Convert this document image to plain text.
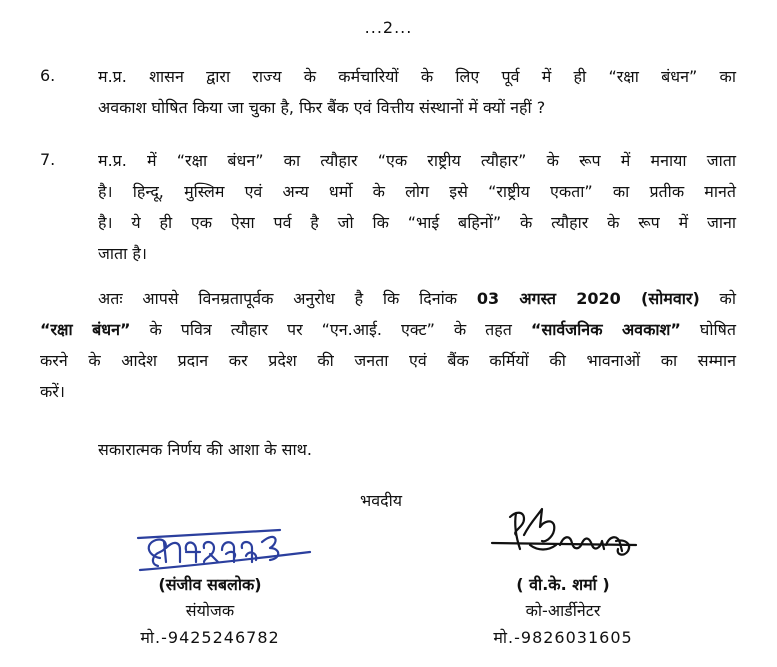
...2...
6.	म.प्र. शासन द्वारा राज्य के कर्मचारियों के लिए पूर्व में ही “रक्षा बंधन” का
अवकाश घोषित किया जा चुका है, फिर बैंक एवं वित्तीय संस्थानों में क्यों नहीं ?
7.	म.प्र. में “रक्षा बंधन” का त्यौहार “एक राष्ट्रीय त्यौहार” के रूप में मनाया जाता
है। हिन्दू, मुस्लिम एवं अन्य धर्मो के लोग इसे “राष्ट्रीय एकता” का प्रतीक मानते
है। ये ही एक ऐसा पर्व है जो कि “भाई बहिनों” के त्यौहार के रूप में जाना
जाता है।
अतः आपसे विनम्रतापूर्वक अनुरोध है कि दिनांक 03 अगस्त 2020 (सोमवार) को
“रक्षा बंधन” के पवित्र त्यौहार पर “एन.आई. एक्ट” के तहत “सार्वजनिक अवकाश” घोषित
करने के आदेश प्रदान कर प्रदेश की जनता एवं बैंक कर्मियों की भावनाओं का सम्मान
करें।
सकारात्मक निर्णय की आशा के साथ.
भवदीय
(संजीव सबलोक)
संयोजक
मो.-9425246782
( वी.के. शर्मा )
को-आर्डीनेटर
मो.-9826031605
